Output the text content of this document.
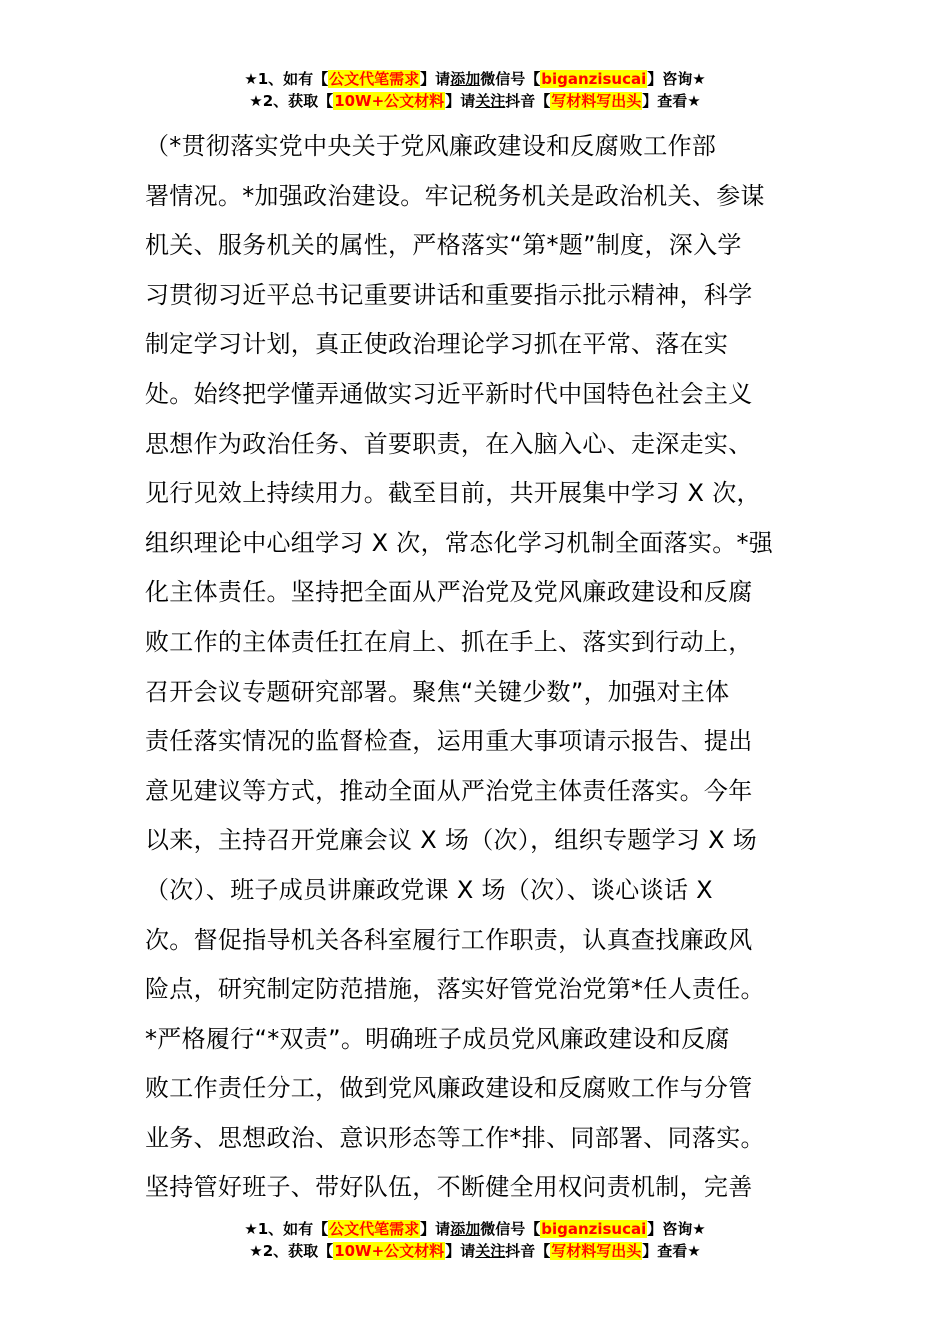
★1、如有【公文代笔需求】请添加微信号【biganzisucai】咨询★
★2、获取【10W+公文材料】请关注抖音【写材料写出头】查看★
（*贯彻落实党中央关于党风廉政建设和反腐败工作部
署情况。*加强政治建设。牢记税务机关是政治机关、参谋
机关、服务机关的属性，严格落实“第*题”制度，深入学
习贯彻习近平总书记重要讲话和重要指示批示精神，科学
制定学习计划，真正使政治理论学习抓在平常、落在实
处。始终把学懂弄通做实习近平新时代中国特色社会主义
思想作为政治任务、首要职责，在入脑入心、走深走实、
见行见效上持续用力。截至目前，共开展集中学习 X 次，
组织理论中心组学习 X 次，常态化学习机制全面落实。*强
化主体责任。坚持把全面从严治党及党风廉政建设和反腐
败工作的主体责任扛在肩上、抓在手上、落实到行动上，
召开会议专题研究部署。聚焦“关键少数”，加强对主体
责任落实情况的监督检查，运用重大事项请示报告、提出
意见建议等方式，推动全面从严治党主体责任落实。今年
以来，主持召开党廉会议 X 场（次），组织专题学习 X 场
（次）、班子成员讲廉政党课 X 场（次）、谈心谈话 X
次。督促指导机关各科室履行工作职责，认真查找廉政风
险点，研究制定防范措施，落实好管党治党第*任人责任。
*严格履行“*双责”。明确班子成员党风廉政建设和反腐
败工作责任分工，做到党风廉政建设和反腐败工作与分管
业务、思想政治、意识形态等工作*排、同部署、同落实。
坚持管好班子、带好队伍，不断健全用权问责机制，完善
★1、如有【公文代笔需求】请添加微信号【biganzisucai】咨询★
★2、获取【10W+公文材料】请关注抖音【写材料写出头】查看★
